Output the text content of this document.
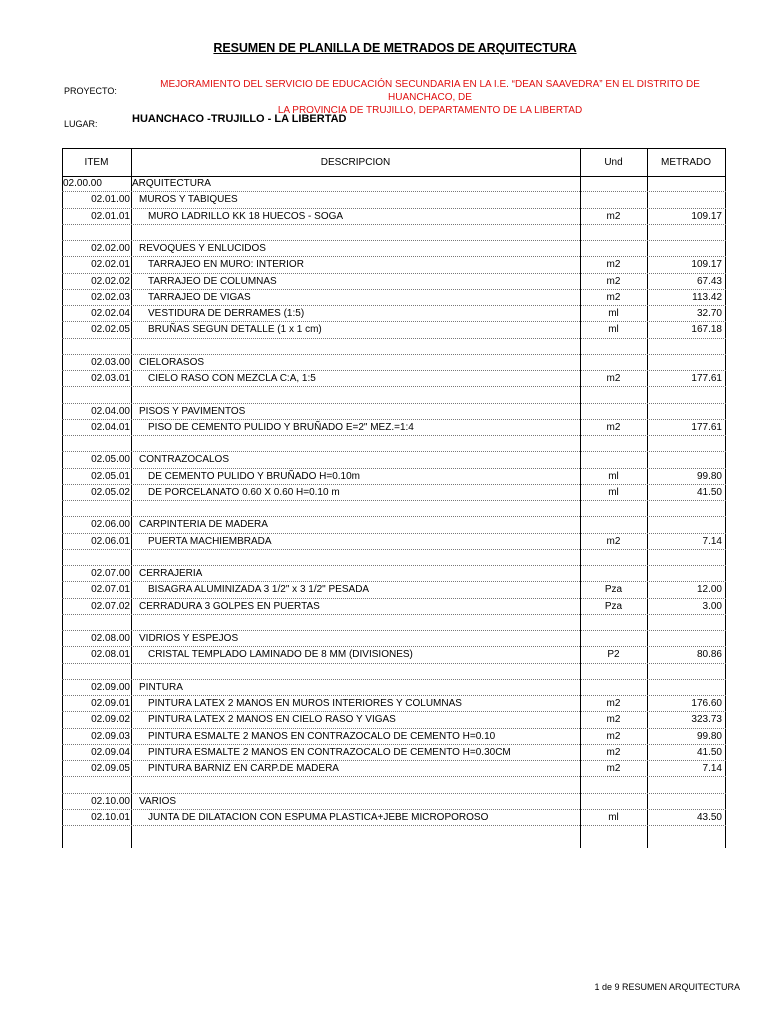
RESUMEN DE PLANILLA DE METRADOS DE ARQUITECTURA
PROYECTO:
MEJORAMIENTO DEL SERVICIO DE EDUCACIÓN SECUNDARIA EN LA I.E. “DEAN SAAVEDRA” EN EL DISTRITO DE HUANCHACO, DE
LA PROVINCIA DE TRUJILLO, DEPARTAMENTO DE LA LIBERTAD
LUGAR:	HUANCHACO -TRUJILLO - LA LIBERTAD
ITEM	DESCRIPCION	Und	METRADO
02.00.00	ARQUITECTURA
02.01.00 MUROS Y TABIQUES
02.01.01 MURO LADRILLO KK 18 HUECOS - SOGA	m2	109.17
02.02.00 REVOQUES Y ENLUCIDOS
02.02.01 TARRAJEO EN MURO: INTERIOR	m2	109.17
02.02.02 TARRAJEO DE COLUMNAS	m2	67.43
02.02.03 TARRAJEO DE VIGAS	m2	113.42
02.02.04 VESTIDURA DE DERRAMES (1:5)	ml	32.70
02.02.05 BRUÑAS SEGUN DETALLE (1 x 1 cm)	ml	167.18
02.03.00 CIELORASOS
02.03.01 CIELO RASO CON MEZCLA C:A, 1:5	m2	177.61
02.04.00 PISOS Y PAVIMENTOS
02.04.01 PISO DE CEMENTO PULIDO Y BRUÑADO E=2" MEZ.=1:4	m2	177.61
02.05.00 CONTRAZOCALOS
02.05.01 DE CEMENTO PULIDO Y BRUÑADO H=0.10m	ml	99.80
02.05.02 DE PORCELANATO 0.60 X 0.60 H=0.10 m	ml	41.50
02.06.00 CARPINTERIA DE MADERA
02.06.01 PUERTA MACHIEMBRADA	m2	7.14
02.07.00 CERRAJERIA
02.07.01 BISAGRA ALUMINIZADA 3 1/2" x 3 1/2" PESADA	Pza	12.00
02.07.02 CERRADURA 3 GOLPES EN PUERTAS	Pza	3.00
02.08.00 VIDRIOS Y ESPEJOS
02.08.01 CRISTAL TEMPLADO LAMINADO DE 8 MM (DIVISIONES)	P2	80.86
02.09.00 PINTURA
02.09.01 PINTURA LATEX 2 MANOS EN MUROS INTERIORES Y COLUMNAS	m2	176.60
02.09.02 PINTURA LATEX 2 MANOS EN CIELO RASO Y VIGAS	m2	323.73
02.09.03 PINTURA ESMALTE 2 MANOS EN CONTRAZOCALO DE CEMENTO H=0.10	m2	99.80
02.09.04 PINTURA ESMALTE 2 MANOS EN CONTRAZOCALO DE CEMENTO H=0.30CM	m2	41.50
02.09.05 PINTURA BARNIZ EN CARP.DE MADERA	m2	7.14
02.10.00 VARIOS
02.10.01 JUNTA DE DILATACION CON ESPUMA PLASTICA+JEBE MICROPOROSO	ml	43.50
1 de 9 RESUMEN ARQUITECTURA
